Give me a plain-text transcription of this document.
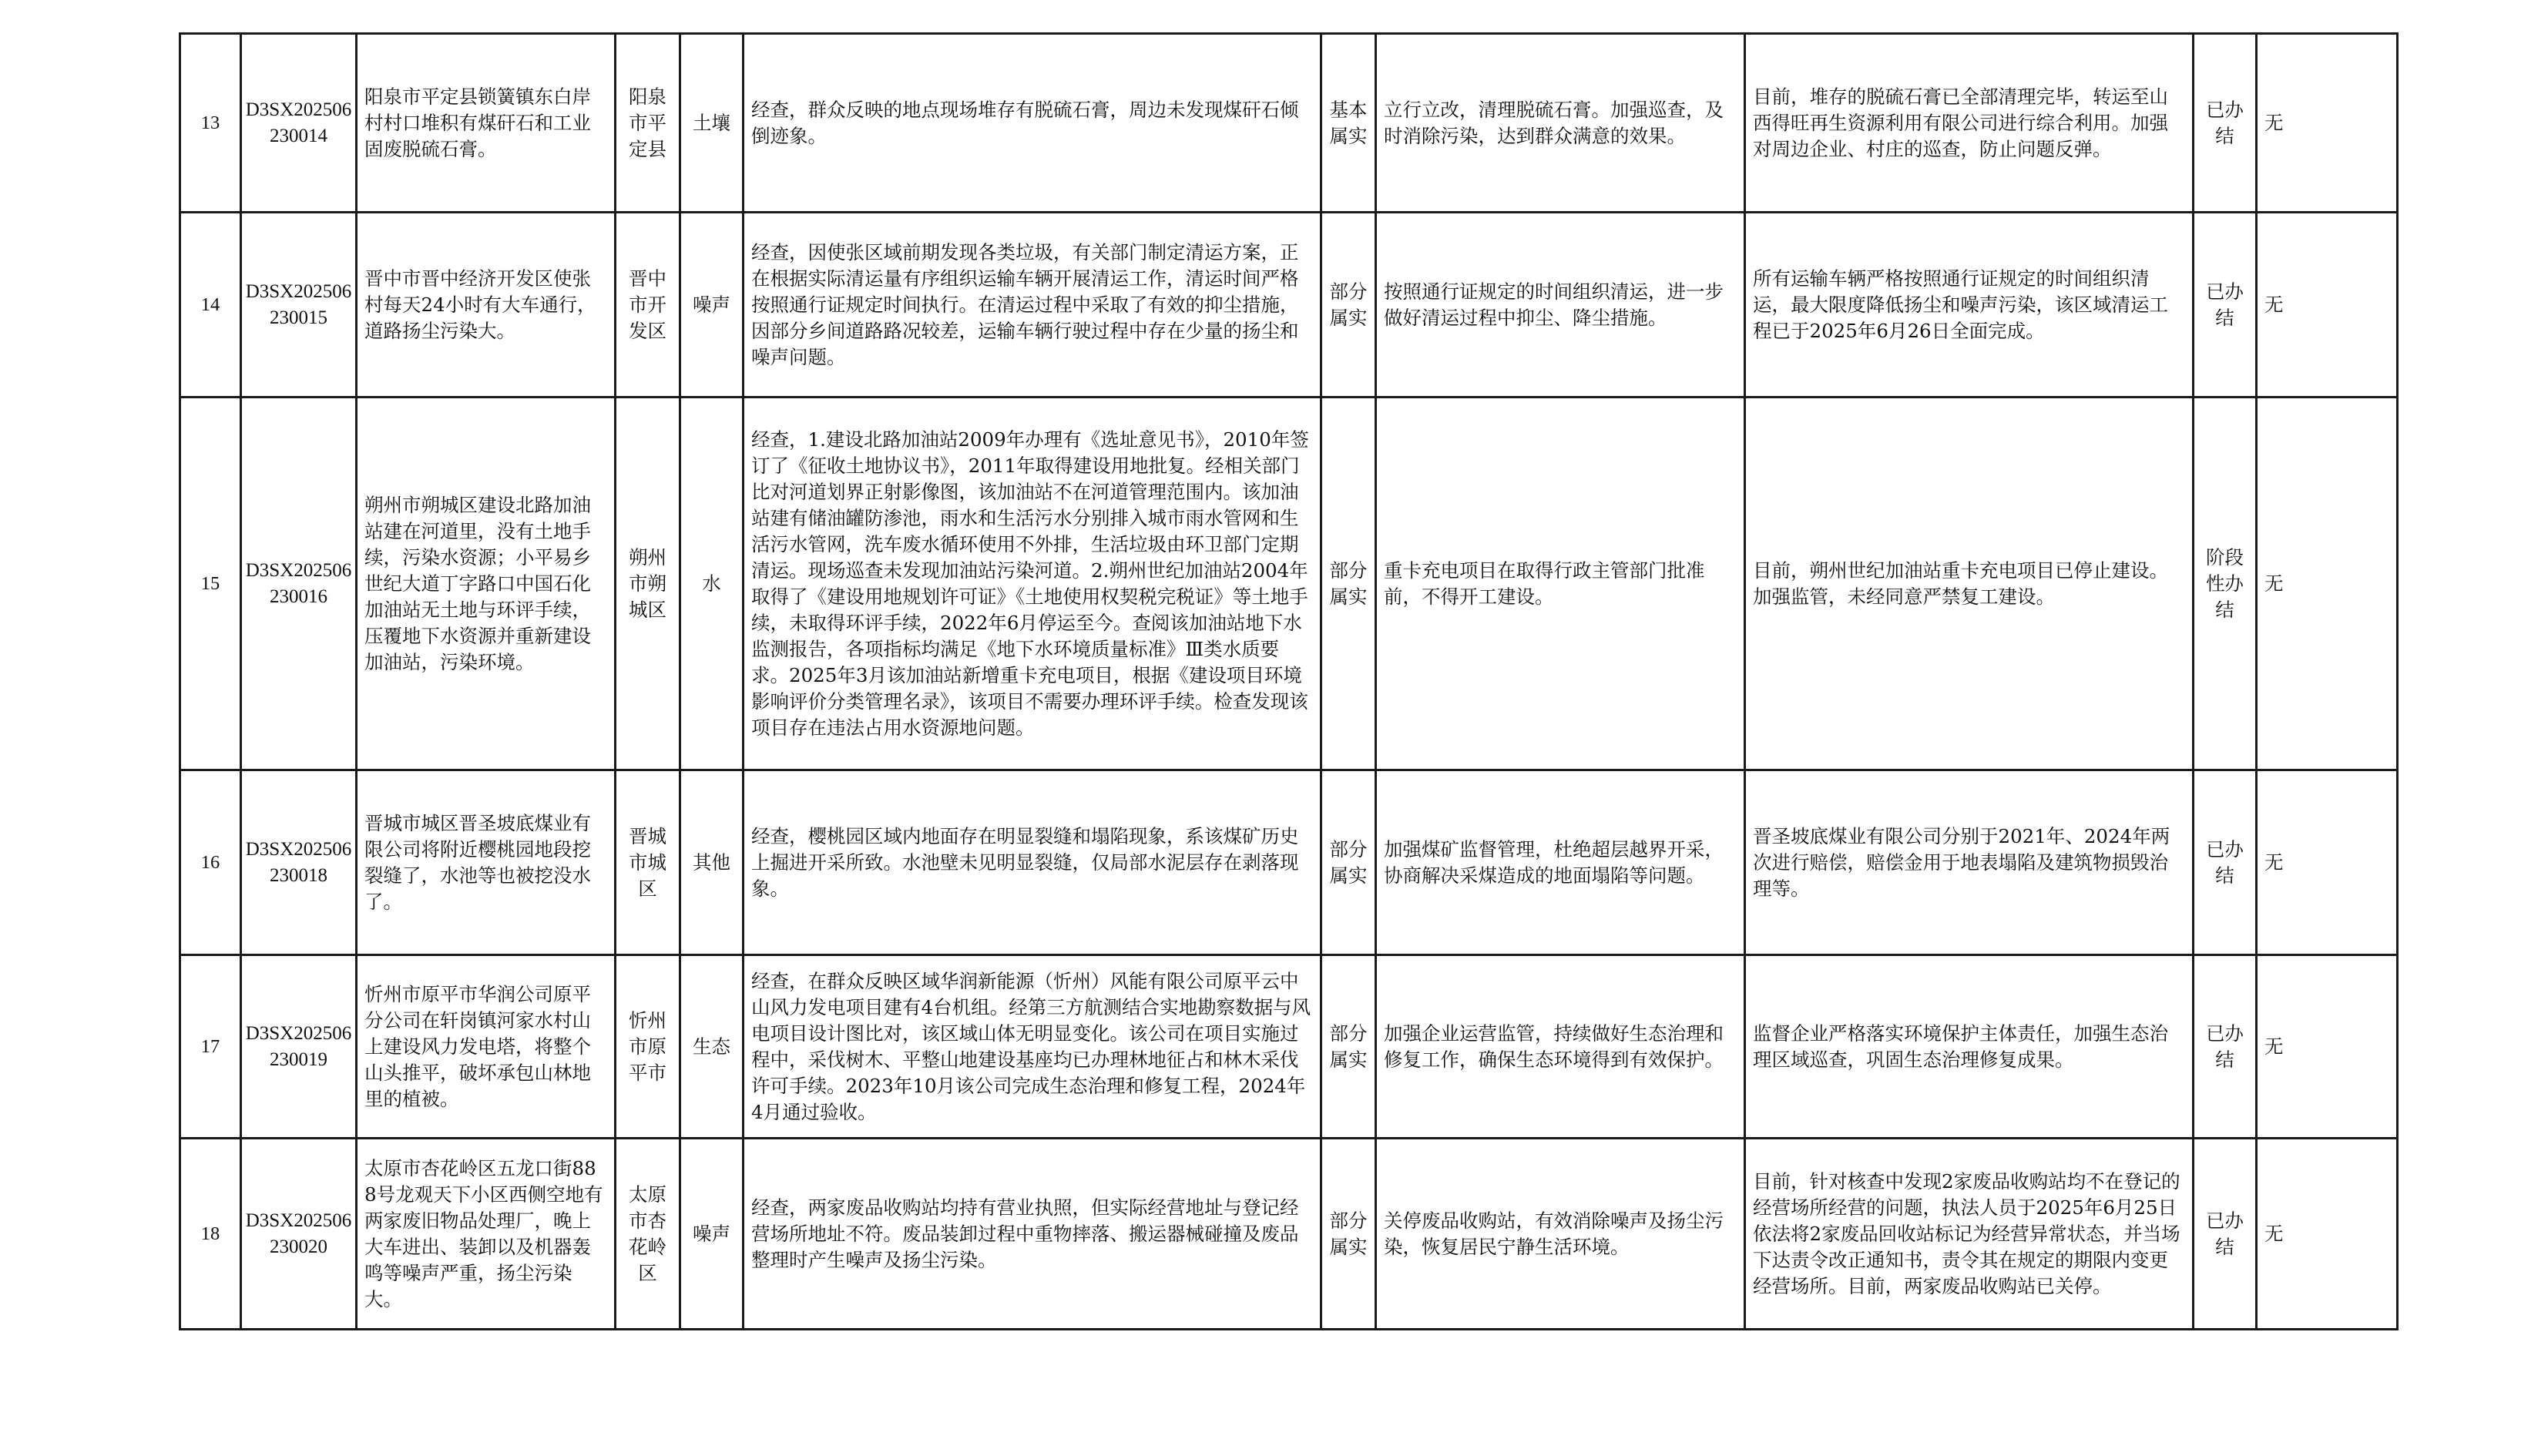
13	D3SX202506230014	阳泉市平定县锁簧镇东白岸村村口堆积有煤矸石和工业固废脱硫石膏。	阳泉市平定县	土壤	经查，群众反映的地点现场堆存有脱硫石膏，周边未发现煤矸石倾倒迹象。	基本属实	立行立改，清理脱硫石膏。加强巡查，及时消除污染，达到群众满意的效果。	目前，堆存的脱硫石膏已全部清理完毕，转运至山西得旺再生资源利用有限公司进行综合利用。加强对周边企业、村庄的巡查，防止问题反弹。	已办结	无
14	D3SX202506230015	晋中市晋中经济开发区使张村每天24小时有大车通行，道路扬尘污染大。	晋中市开发区	噪声	经查，因使张区域前期发现各类垃圾，有关部门制定清运方案，正在根据实际清运量有序组织运输车辆开展清运工作，清运时间严格按照通行证规定时间执行。在清运过程中采取了有效的抑尘措施，因部分乡间道路路况较差，运输车辆行驶过程中存在少量的扬尘和噪声问题。	部分属实	按照通行证规定的时间组织清运，进一步做好清运过程中抑尘、降尘措施。	所有运输车辆严格按照通行证规定的时间组织清运，最大限度降低扬尘和噪声污染，该区域清运工程已于2025年6月26日全面完成。	已办结	无
15	D3SX202506230016	朔州市朔城区建设北路加油站建在河道里，没有土地手续，污染水资源；小平易乡世纪大道丁字路口中国石化加油站无土地与环评手续，压覆地下水资源并重新建设加油站，污染环境。	朔州市朔城区	水	经查，1.建设北路加油站2009年办理有《选址意见书》，2010年签订了《征收土地协议书》，2011年取得建设用地批复。经相关部门比对河道划界正射影像图，该加油站不在河道管理范围内。该加油站建有储油罐防渗池，雨水和生活污水分别排入城市雨水管网和生活污水管网，洗车废水循环使用不外排，生活垃圾由环卫部门定期清运。现场巡查未发现加油站污染河道。2.朔州世纪加油站2004年取得了《建设用地规划许可证》《土地使用权契税完税证》等土地手续，未取得环评手续，2022年6月停运至今。查阅该加油站地下水监测报告，各项指标均满足《地下水环境质量标准》Ⅲ类水质要求。2025年3月该加油站新增重卡充电项目，根据《建设项目环境影响评价分类管理名录》，该项目不需要办理环评手续。检查发现该项目存在违法占用水资源地问题。	部分属实	重卡充电项目在取得行政主管部门批准前，不得开工建设。	目前，朔州世纪加油站重卡充电项目已停止建设。加强监管，未经同意严禁复工建设。	阶段性办结	无
16	D3SX202506230018	晋城市城区晋圣坡底煤业有限公司将附近樱桃园地段挖裂缝了，水池等也被挖没水了。	晋城市城区	其他	经查，樱桃园区域内地面存在明显裂缝和塌陷现象，系该煤矿历史上掘进开采所致。水池壁未见明显裂缝，仅局部水泥层存在剥落现象。	部分属实	加强煤矿监督管理，杜绝超层越界开采，协商解决采煤造成的地面塌陷等问题。	晋圣坡底煤业有限公司分别于2021年、2024年两次进行赔偿，赔偿金用于地表塌陷及建筑物损毁治理等。	已办结	无
17	D3SX202506230019	忻州市原平市华润公司原平分公司在轩岗镇河家水村山上建设风力发电塔，将整个山头推平，破坏承包山林地里的植被。	忻州市原平市	生态	经查，在群众反映区域华润新能源（忻州）风能有限公司原平云中山风力发电项目建有4台机组。经第三方航测结合实地勘察数据与风电项目设计图比对，该区域山体无明显变化。该公司在项目实施过程中，采伐树木、平整山地建设基座均已办理林地征占和林木采伐许可手续。2023年10月该公司完成生态治理和修复工程，2024年4月通过验收。	部分属实	加强企业运营监管，持续做好生态治理和修复工作，确保生态环境得到有效保护。	监督企业严格落实环境保护主体责任，加强生态治理区域巡查，巩固生态治理修复成果。	已办结	无
18	D3SX202506230020	太原市杏花岭区五龙口街888号龙观天下小区西侧空地有两家废旧物品处理厂，晚上大车进出、装卸以及机器轰鸣等噪声严重，扬尘污染大。	太原市杏花岭区	噪声	经查，两家废品收购站均持有营业执照，但实际经营地址与登记经营场所地址不符。废品装卸过程中重物摔落、搬运器械碰撞及废品整理时产生噪声及扬尘污染。	部分属实	关停废品收购站，有效消除噪声及扬尘污染，恢复居民宁静生活环境。	目前，针对核查中发现2家废品收购站均不在登记的经营场所经营的问题，执法人员于2025年6月25日依法将2家废品回收站标记为经营异常状态，并当场下达责令改正通知书，责令其在规定的期限内变更经营场所。目前，两家废品收购站已关停。	已办结	无
